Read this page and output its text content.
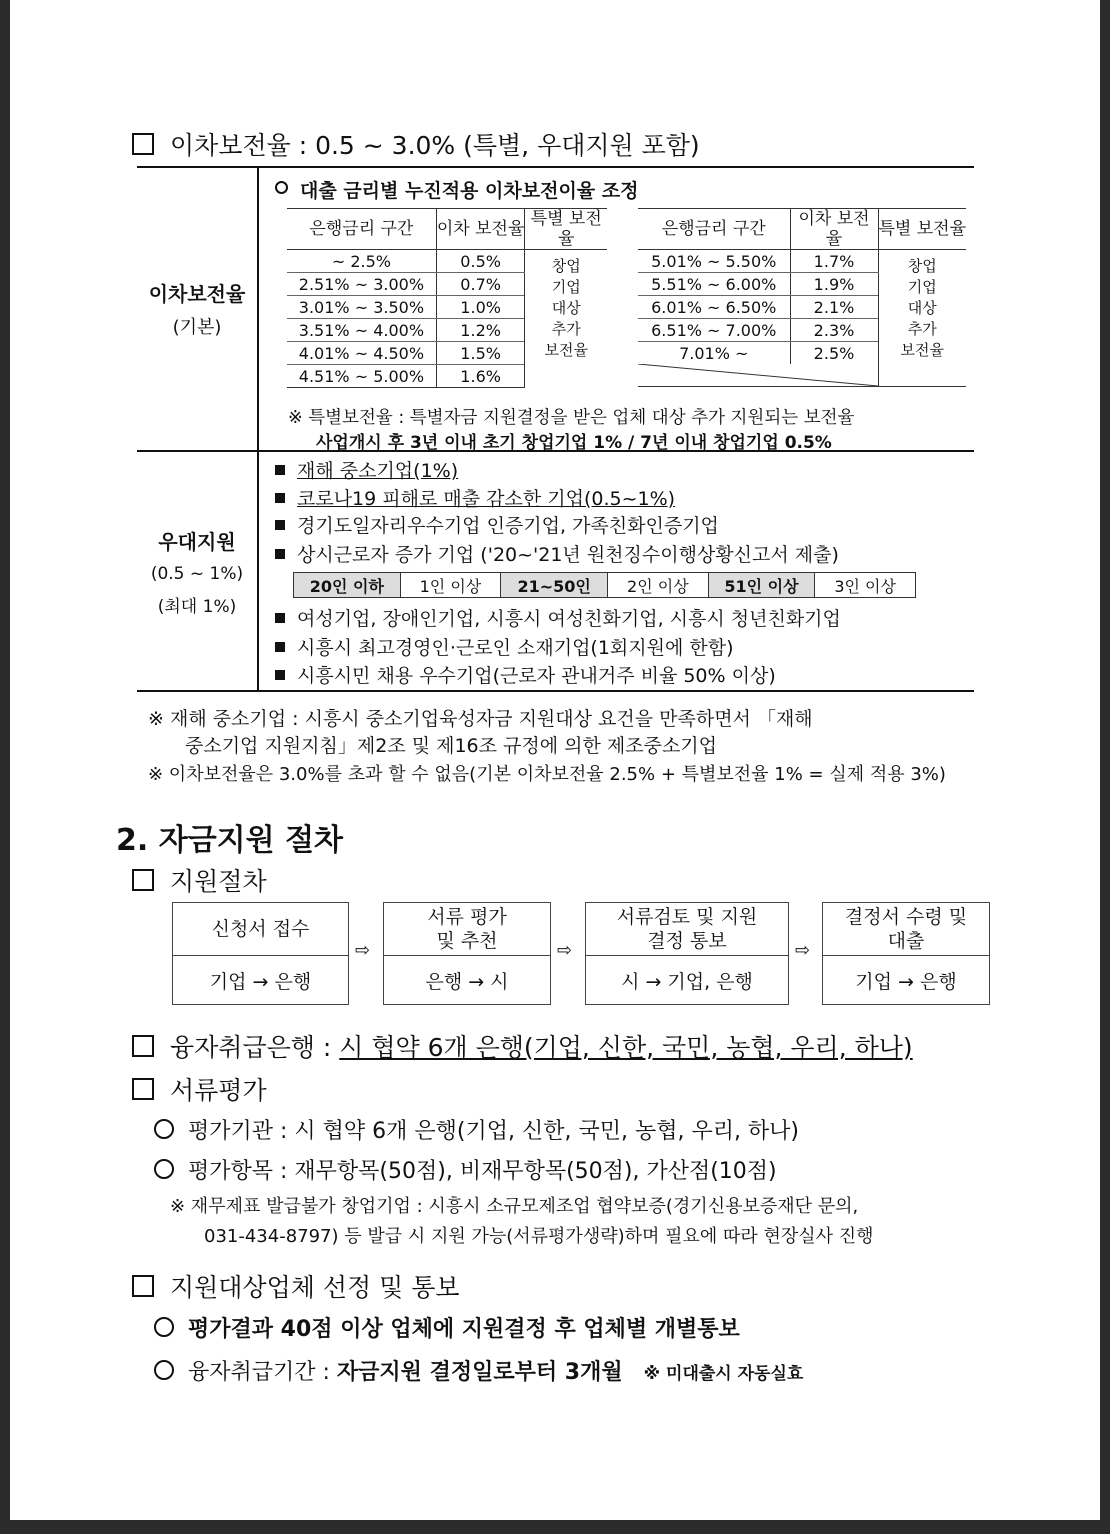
이차보전율 : 0.5 ~ 3.0% (특별, 우대지원 포함)
이차보전율
(기본)
대출 금리별 누진적용 이차보전이율 조정
은행금리 구간	이차 보전율	특별 보전율
~ 2.5%	0.5%	창업
기업
대상
추가
보전율

2.51% ~ 3.00%	0.7%	
3.01% ~ 3.50%	1.0%	
3.51% ~ 4.00%	1.2%	
4.01% ~ 4.50%	1.5%	
4.51% ~ 5.00%	1.6%	
은행금리 구간	이차 보전율	특별 보전율
5.01% ~ 5.50%	1.7%	창업
기업
대상
추가
보전율

5.51% ~ 6.00%	1.9%	
6.01% ~ 6.50%	2.1%	
6.51% ~ 7.00%	2.3%	
7.01% ~	2.5%	

※ 특별보전율 : 특별자금 지원결정을 받은 업체 대상 추가 지원되는 보전율
사업개시 후 3년 이내 초기 창업기업 1% / 7년 이내 창업기업 0.5%
우대지원
(0.5 ~ 1%)
(최대 1%)
재해 중소기업(1%)
코로나19 피해로 매출 감소한 기업(0.5~1%)
경기도일자리우수기업 인증기업, 가족친화인증기업
상시근로자 증가 기업 ('20~'21년 원천징수이행상황신고서 제출)
20인 이하	1인 이상	21~50인	2인 이상	51인 이상	3인 이상
여성기업, 장애인기업, 시흥시 여성친화기업, 시흥시 청년친화기업
시흥시 최고경영인·근로인 소재기업(1회지원에 한함)
시흥시민 채용 우수기업(근로자 관내거주 비율 50% 이상)
※ 재해 중소기업 : 시흥시 중소기업육성자금 지원대상 요건을 만족하면서 「재해
중소기업 지원지침」제2조 및 제16조 규정에 의한 제조중소기업
※ 이차보전율은 3.0%를 초과 할 수 없음(기본 이차보전율 2.5% + 특별보전율 1% = 실제 적용 3%)
2. 자금지원 절차
지원절차
신청서 접수
기업 → 은행
⇨
서류 평가 및 추천
은행 → 시
⇨
서류검토 및 지원결정 통보
시 → 기업, 은행
⇨
결정서 수령 및 대출
기업 → 은행
융자취급은행 : 시 협약 6개 은행(기업, 신한, 국민, 농협, 우리, 하나)
서류평가
평가기관 : 시 협약 6개 은행(기업, 신한, 국민, 농협, 우리, 하나)
평가항목 : 재무항목(50점), 비재무항목(50점), 가산점(10점)
※ 재무제표 발급불가 창업기업 : 시흥시 소규모제조업 협약보증(경기신용보증재단 문의,
031-434-8797) 등 발급 시 지원 가능(서류평가생략)하며 필요에 따라 현장실사 진행
지원대상업체 선정 및 통보
평가결과 40점 이상 업체에 지원결정 후 업체별 개별통보
융자취급기간 : 자금지원 결정일로부터 3개월 ※ 미대출시 자동실효
